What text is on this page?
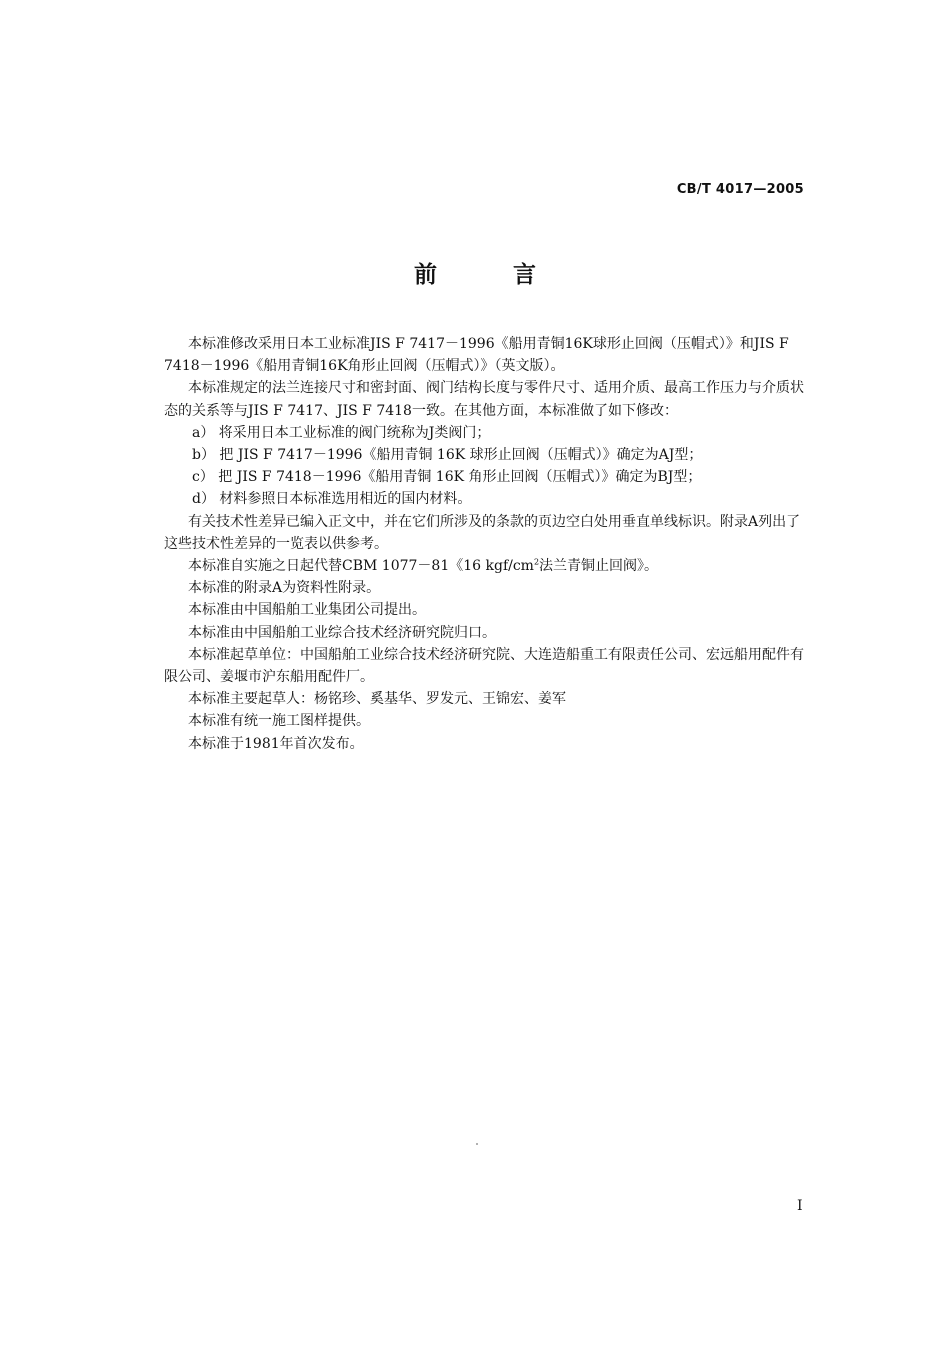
CB/T 4017—2005
前 言

本标准修改采用日本工业标准JIS F 7417－1996《船用青铜16K球形止回阀（压帽式）》和JIS F 7418－1996《船用青铜16K角形止回阀（压帽式）》（英文版）。

本标准规定的法兰连接尺寸和密封面、阀门结构长度与零件尺寸、适用介质、最高工作压力与介质状态的关系等与JIS F 7417、JIS F 7418一致。在其他方面，本标准做了如下修改：

a） 将采用日本工业标准的阀门统称为J类阀门；

b） 把 JIS F 7417－1996《船用青铜 16K 球形止回阀（压帽式）》确定为AJ型；

c） 把 JIS F 7418－1996《船用青铜 16K 角形止回阀（压帽式）》确定为BJ型；

d） 材料参照日本标准选用相近的国内材料。

有关技术性差异已编入正文中，并在它们所涉及的条款的页边空白处用垂直单线标识。附录A列出了这些技术性差异的一览表以供参考。

本标准自实施之日起代替CBM 1077－81《16 kgf/$cm^2$法兰青铜止回阀》。

本标准的附录A为资料性附录。

本标准由中国船舶工业集团公司提出。

本标准由中国船舶工业综合技术经济研究院归口。

本标准起草单位：中国船舶工业综合技术经济研究院、大连造船重工有限责任公司、宏远船用配件有限公司、姜堰市沪东船用配件厂。

本标准主要起草人：杨铭珍、奚基华、罗发元、王锦宏、姜军

本标准有统一施工图样提供。

本标准于1981年首次发布。

I
